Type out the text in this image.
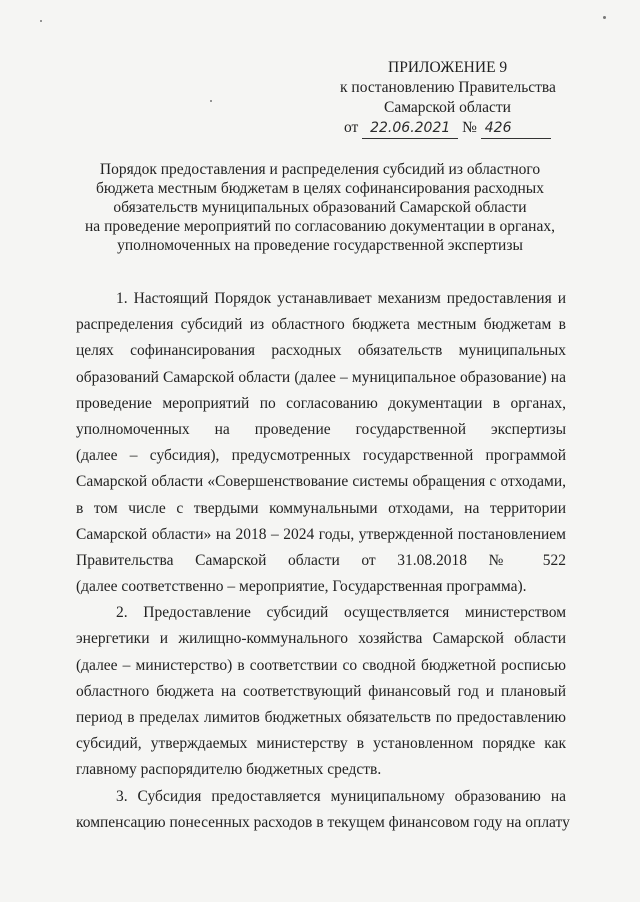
ПРИЛОЖЕНИЕ 9
к постановлению Правительства
Самарской области
от 22.06.2021 № 426
Порядок предоставления и распределения субсидий из областного
бюджета местным бюджетам в целях софинансирования расходных
обязательств муниципальных образований Самарской области
на проведение мероприятий по согласованию документации в органах,
уполномоченных на проведение государственной экспертизы
1. Настоящий Порядок устанавливает механизм предоставления и
распределения субсидий из областного бюджета местным бюджетам в
целях софинансирования расходных обязательств муниципальных
образований Самарской области (далее – муниципальное образование) на
проведение мероприятий по согласованию документации в органах,
уполномоченных на проведение государственной экспертизы
(далее – субсидия), предусмотренных государственной программой
Самарской области «Совершенствование системы обращения с отходами,
в том числе с твердыми коммунальными отходами, на территории
Самарской области» на 2018 – 2024 годы, утвержденной постановлением
Правительства Самарской области от 31.08.2018 № 522
(далее соответственно – мероприятие, Государственная программа).
2. Предоставление субсидий осуществляется министерством
энергетики и жилищно-коммунального хозяйства Самарской области
(далее – министерство) в соответствии со сводной бюджетной росписью
областного бюджета на соответствующий финансовый год и плановый
период в пределах лимитов бюджетных обязательств по предоставлению
субсидий, утверждаемых министерству в установленном порядке как
главному распорядителю бюджетных средств.
3. Субсидия предоставляется муниципальному образованию на
компенсацию понесенных расходов в текущем финансовом году на оплату
